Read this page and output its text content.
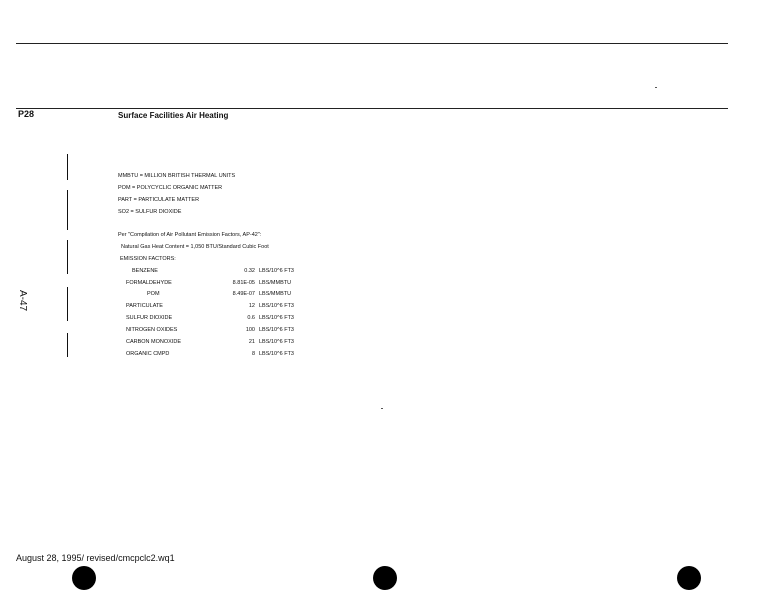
P28	Surface Facilities Air Heating
A-47
MMBTU = MILLION BRITISH THERMAL UNITS
POM = POLYCYCLIC ORGANIC MATTER
PART = PARTICULATE MATTER
SO2 = SULFUR DIOXIDE
Per "Compilation of Air Pollutant Emission Factors, AP-42":
Natural Gas Heat Content = 1,050 BTU/Standard Cubic Foot
EMISSION FACTORS:
BENZENE	0.32 LBS/10^6 FT3
FORMALDEHYDE	8.81E-05 LBS/MMBTU
POM	8.49E-07 LBS/MMBTU
PARTICULATE	12 LBS/10^6 FT3
SULFUR DIOXIDE	0.6 LBS/10^6 FT3
NITROGEN OXIDES	100 LBS/10^6 FT3
CARBON MONOXIDE	21 LBS/10^6 FT3
ORGANIC CMPD	8 LBS/10^6 FT3
August 28, 1995/ revised/cmcpclc2.wq1
